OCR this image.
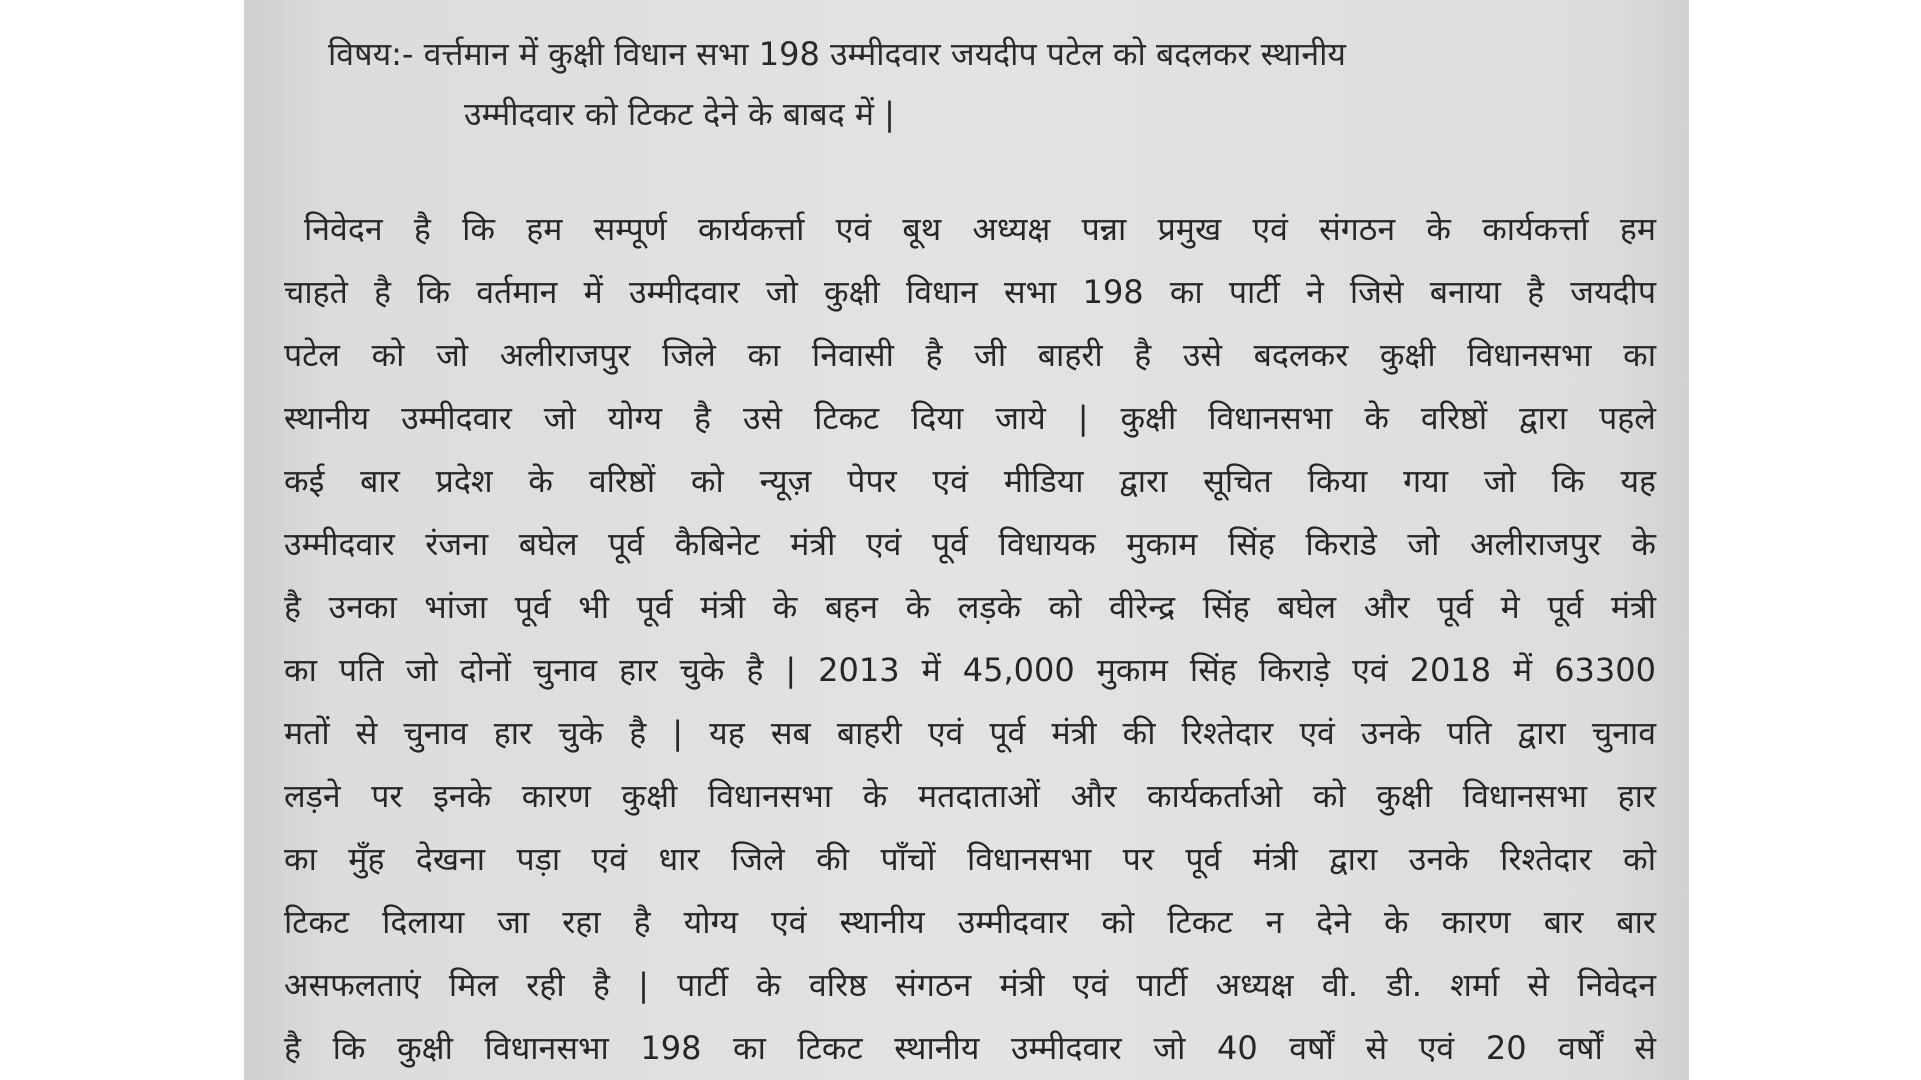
विषय:- वर्त्तमान में कुक्षी विधान सभा 198 उम्मीदवार जयदीप पटेल को बदलकर स्थानीय
उम्मीदवार को टिकट देने के बाबद में |
निवेदन है कि हम सम्पूर्ण कार्यकर्त्ता एवं बूथ अध्यक्ष पन्ना प्रमुख एवं संगठन के कार्यकर्त्ता हम
चाहते है कि वर्तमान में उम्मीदवार जो कुक्षी विधान सभा 198 का पार्टी ने जिसे बनाया है जयदीप
पटेल को जो अलीराजपुर जिले का निवासी है जी बाहरी है उसे बदलकर कुक्षी विधानसभा का
स्थानीय उम्मीदवार जो योग्य है उसे टिकट दिया जाये | कुक्षी विधानसभा के वरिष्ठों द्वारा पहले
कई बार प्रदेश के वरिष्ठों को न्यूज़ पेपर एवं मीडिया द्वारा सूचित किया गया जो कि यह
उम्मीदवार रंजना बघेल पूर्व कैबिनेट मंत्री एवं पूर्व विधायक मुकाम सिंह किराडे जो अलीराजपुर के
है उनका भांजा पूर्व भी पूर्व मंत्री के बहन के लड़के को वीरेन्द्र सिंह बघेल और पूर्व मे पूर्व मंत्री
का पति जो दोनों चुनाव हार चुके है | 2013 में 45,000 मुकाम सिंह किराड़े एवं 2018 में 63300
मतों से चुनाव हार चुके है | यह सब बाहरी एवं पूर्व मंत्री की रिश्तेदार एवं उनके पति द्वारा चुनाव
लड़ने पर इनके कारण कुक्षी विधानसभा के मतदाताओं और कार्यकर्ताओ को कुक्षी विधानसभा हार
का मुँह देखना पड़ा एवं धार जिले की पाँचों विधानसभा पर पूर्व मंत्री द्वारा उनके रिश्तेदार को
टिकट दिलाया जा रहा है योग्य एवं स्थानीय उम्मीदवार को टिकट न देने के कारण बार बार
असफलताएं मिल रही है | पार्टी के वरिष्ठ संगठन मंत्री एवं पार्टी अध्यक्ष वी. डी. शर्मा से निवेदन
है कि कुक्षी विधानसभा 198 का टिकट स्थानीय उम्मीदवार जो 40 वर्षों से एवं 20 वर्षों से
